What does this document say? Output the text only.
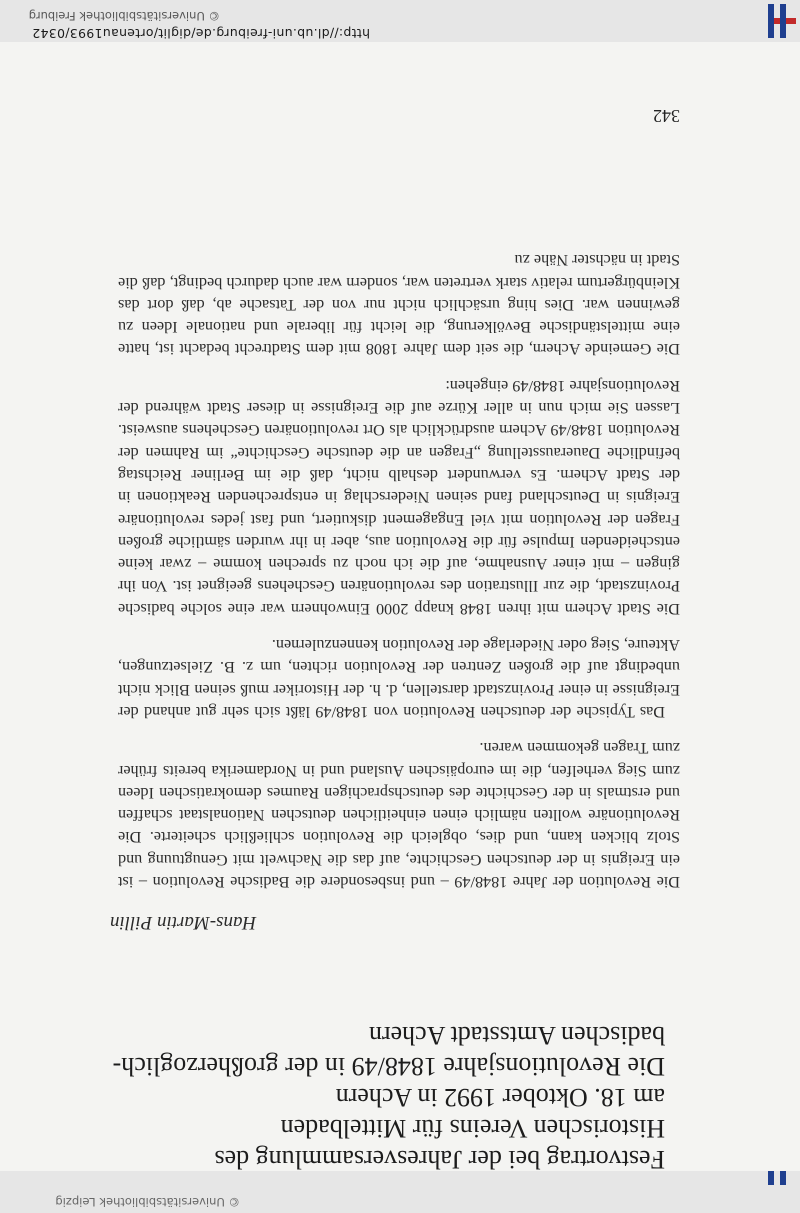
http://dl.ub.uni-freiburg.de/diglit/ortenau1993/0342
© Universitätsbibliothek Freiburg
© Universitätsbibliothek Leipzig
Festvortrag bei der Jahresversammlung des
Historischen Vereins für Mittelbaden
am 18. Oktober 1992 in Achern
Die Revolutionsjahre 1848/49 in der großherzoglich-
badischen Amtsstadt Achern
Hans-Martin Pillin

Die Revolution der Jahre 1848/49 – und insbesondere die Badische Revolution – ist ein Ereignis in der deutschen Geschichte, auf das die Nachwelt mit Genugtuung und Stolz blicken kann, und dies, obgleich die Revolution schließlich scheiterte. Die Revolutionäre wollten nämlich einen einheitlichen deutschen Nationalstaat schaffen und erstmals in der Geschichte des deutschsprachigen Raumes demokratischen Ideen zum Sieg verhelfen, die im europäischen Ausland und in Nordamerika bereits früher zum Tragen gekommen waren.

Das Typische der deutschen Revolution von 1848/49 läßt sich sehr gut anhand der Ereignisse in einer Provinzstadt darstellen, d. h. der Historiker muß seinen Blick nicht unbedingt auf die großen Zentren der Revolution richten, um z. B. Zielsetzungen, Akteure, Sieg oder Niederlage der Revolution kennenzulernen.

Die Stadt Achern mit ihren 1848 knapp 2000 Einwohnern war eine solche badische Provinzstadt, die zur Illustration des revolutionären Geschehens geeignet ist. Von ihr gingen – mit einer Ausnahme, auf die ich noch zu sprechen komme – zwar keine entscheidenden Impulse für die Revolution aus, aber in ihr wurden sämtliche großen Fragen der Revolution mit viel Engagement diskutiert, und fast jedes revolutionäre Ereignis in Deutschland fand seinen Niederschlag in entsprechenden Reaktionen in der Stadt Achern. Es verwundert deshalb nicht, daß die im Berliner Reichstag befindliche Dauerausstellung „Fragen an die deutsche Geschichte“ im Rahmen der Revolution 1848/49 Achern ausdrücklich als Ort revolutionären Geschehens ausweist. Lassen Sie mich nun in aller Kürze auf die Ereignisse in dieser Stadt während der Revolutionsjahre 1848/49 eingehen:

Die Gemeinde Achern, die seit dem Jahre 1808 mit dem Stadtrecht bedacht ist, hatte eine mittelständische Bevölkerung, die leicht für liberale und nationale Ideen zu gewinnen war. Dies hing ursächlich nicht nur von der Tatsache ab, daß dort das Kleinbürgertum relativ stark vertreten war, sondern war auch dadurch bedingt, daß die Stadt in nächster Nähe zu

342
